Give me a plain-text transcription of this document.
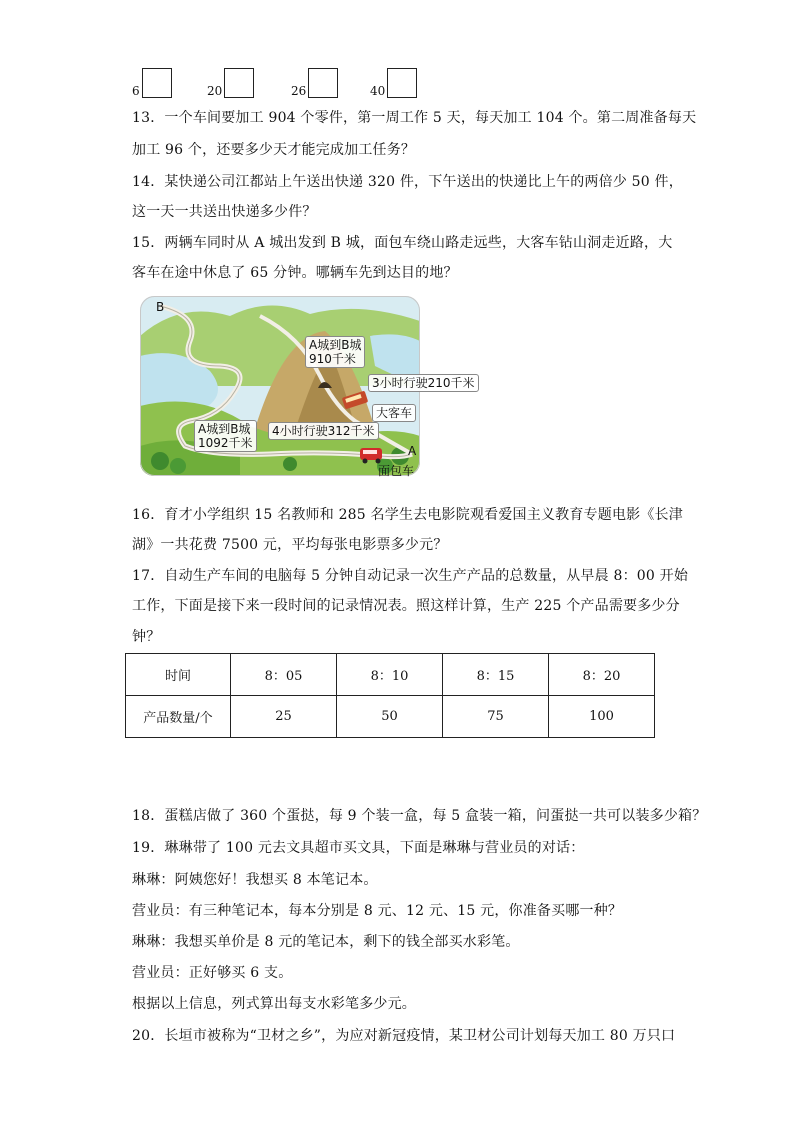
6	20	26	40
13．一个车间要加工 904 个零件，第一周工作 5 天，每天加工 104 个。第二周准备每天
加工 96 个，还要多少天才能完成加工任务？
14．某快递公司江都站上午送出快递 320 件，下午送出的快递比上午的两倍少 50 件，
这一天一共送出快递多少件？
15．两辆车同时从 A 城出发到 B 城，面包车绕山路走远些，大客车钻山洞走近路，大
客车在途中休息了 65 分钟。哪辆车先到达目的地？
B
A
A城到B城
910千米
3小时行驶210千米
大客车
A城到B城
1092千米
4小时行驶312千米
面包车
16．育才小学组织 15 名教师和 285 名学生去电影院观看爱国主义教育专题电影《长津
湖》一共花费 7500 元，平均每张电影票多少元？
17．自动生产车间的电脑每 5 分钟自动记录一次生产产品的总数量，从早晨 8：00 开始
工作，下面是接下来一段时间的记录情况表。照这样计算，生产 225 个产品需要多少分
钟？
时间	8：05	8：10	8：15	8：20
产品数量/个	25	50	75	100
18．蛋糕店做了 360 个蛋挞，每 9 个装一盒，每 5 盒装一箱，问蛋挞一共可以装多少箱？
19．琳琳带了 100 元去文具超市买文具，下面是琳琳与营业员的对话：
琳琳：阿姨您好！我想买 8 本笔记本。
营业员：有三种笔记本，每本分别是 8 元、12 元、15 元，你准备买哪一种？
琳琳：我想买单价是 8 元的笔记本，剩下的钱全部买水彩笔。
营业员：正好够买 6 支。
根据以上信息，列式算出每支水彩笔多少元。
20．长垣市被称为“卫材之乡”，为应对新冠疫情，某卫材公司计划每天加工 80 万只口
